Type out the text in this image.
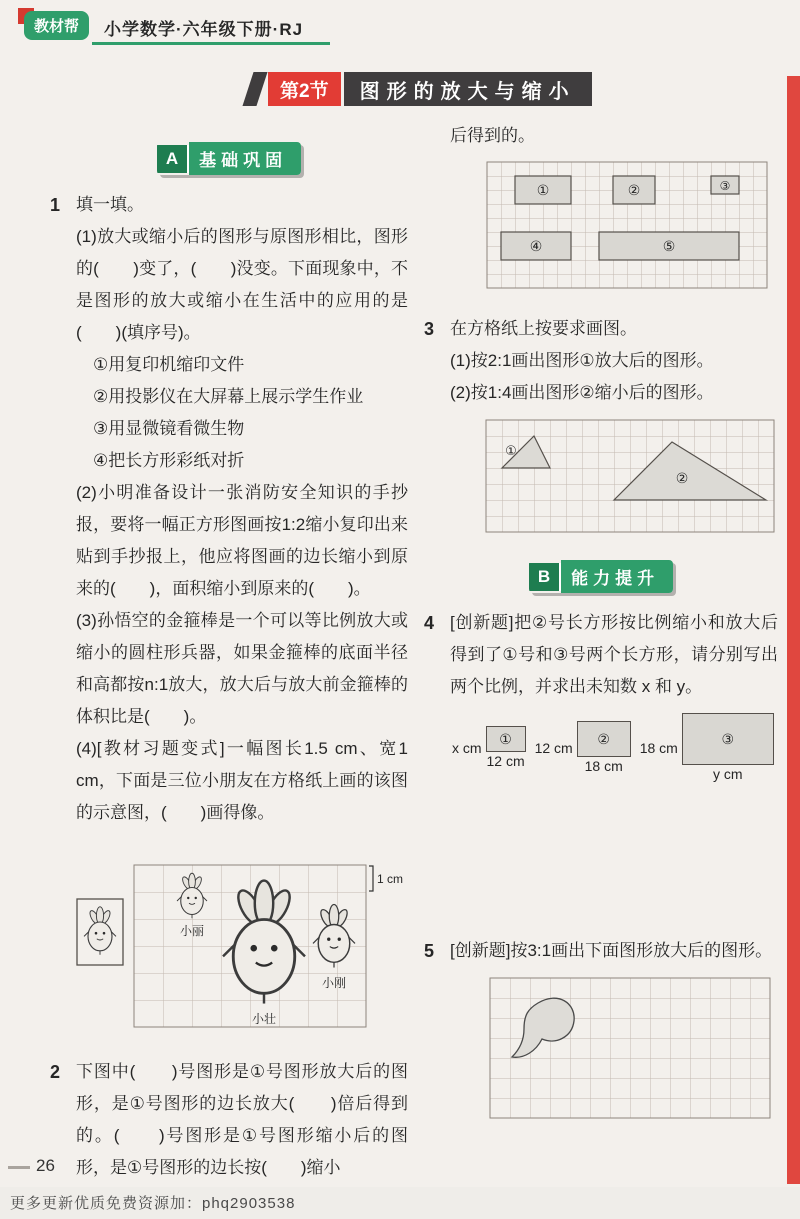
教材帮	小学数学·六年级下册·RJ
第2节	图形的放大与缩小
A	基础巩固
1 填一填。
(1)放大或缩小后的图形与原图形相比，图形的(　　)变了，(　　)没变。下面现象中，不是图形的放大或缩小在生活中的应用的是(　　)(填序号)。
①用复印机缩印文件
②用投影仪在大屏幕上展示学生作业
③用显微镜看微生物
④把长方形彩纸对折
(2)小明准备设计一张消防安全知识的手抄报，要将一幅正方形图画按1:2缩小复印出来贴到手抄报上，他应将图画的边长缩小到原来的(　　)，面积缩小到原来的(　　)。
(3)孙悟空的金箍棒是一个可以等比例放大或缩小的圆柱形兵器，如果金箍棒的底面半径和高都按n:1放大，放大后与放大前金箍棒的体积比是(　　)。
(4)[教材习题变式]一幅图长1.5 cm、宽1 cm，下面是三位小朋友在方格纸上画的该图的示意图，(　　)画得像。
小丽
小壮
小刚
1 cm
2 下图中(　　)号图形是①号图形放大后的图形，是①号图形的边长放大(　　)倍后得到的。(　　)号图形是①号图形缩小后的图形，是①号图形的边长按(　　)缩小
后得到的。
①	②	③
④	⑤
3 在方格纸上按要求画图。
(1)按2:1画出图形①放大后的图形。
(2)按1:4画出图形②缩小后的图形。
①
②
B	能力提升
4 [创新题]把②号长方形按比例缩小和放大后得到了①号和③号两个长方形，请分别写出两个比例，并求出未知数 x 和 y。
x cm
①
12 cm
12 cm
②
18 cm
18 cm
③
y cm
5 [创新题]按3:1画出下面图形放大后的图形。
26
更多更新优质免费资源加：phq2903538
